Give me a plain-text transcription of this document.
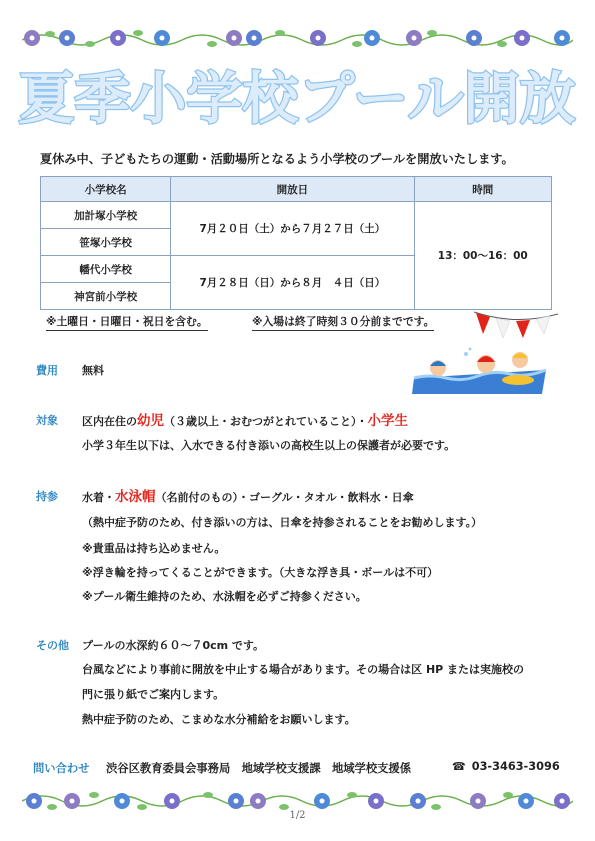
夏季小学校プール開放
夏休み中、子どもたちの運動・活動場所となるよう小学校のプールを開放いたします。
小学校名	開放日	時間
加計塚小学校	7月２０日（土）から７月２７日（土）	13：00～16：00
笹塚小学校		
幡代小学校	7月２８日（日）から８月　４日（日）	
神宮前小学校		
※土曜日・日曜日・祝日を含む。	※入場は終了時刻３０分前までです。
費用 無料
対象 区内在住の幼児（３歳以上・おむつがとれていること）・小学生
小学３年生以下は、入水できる付き添いの高校生以上の保護者が必要です。
持参 水着・水泳帽（名前付のもの）・ゴーグル・タオル・飲料水・日傘
（熱中症予防のため、付き添いの方は、日傘を持参されることをお勧めします。）
※貴重品は持ち込めません。
※浮き輪を持ってくることができます。（大きな浮き具・ボールは不可）
※プール衛生維持のため、水泳帽を必ずご持参ください。
その他 プールの水深約６０～７0cm です。
台風などにより事前に開放を中止する場合があります。その場合は区 HP または実施校の
門に張り紙でご案内します。
熱中症予防のため、こまめな水分補給をお願いします。
問い合わせ 渋谷区教育委員会事務局　地域学校支援課　地域学校支援係	☎ 03-3463-3096
1/2
